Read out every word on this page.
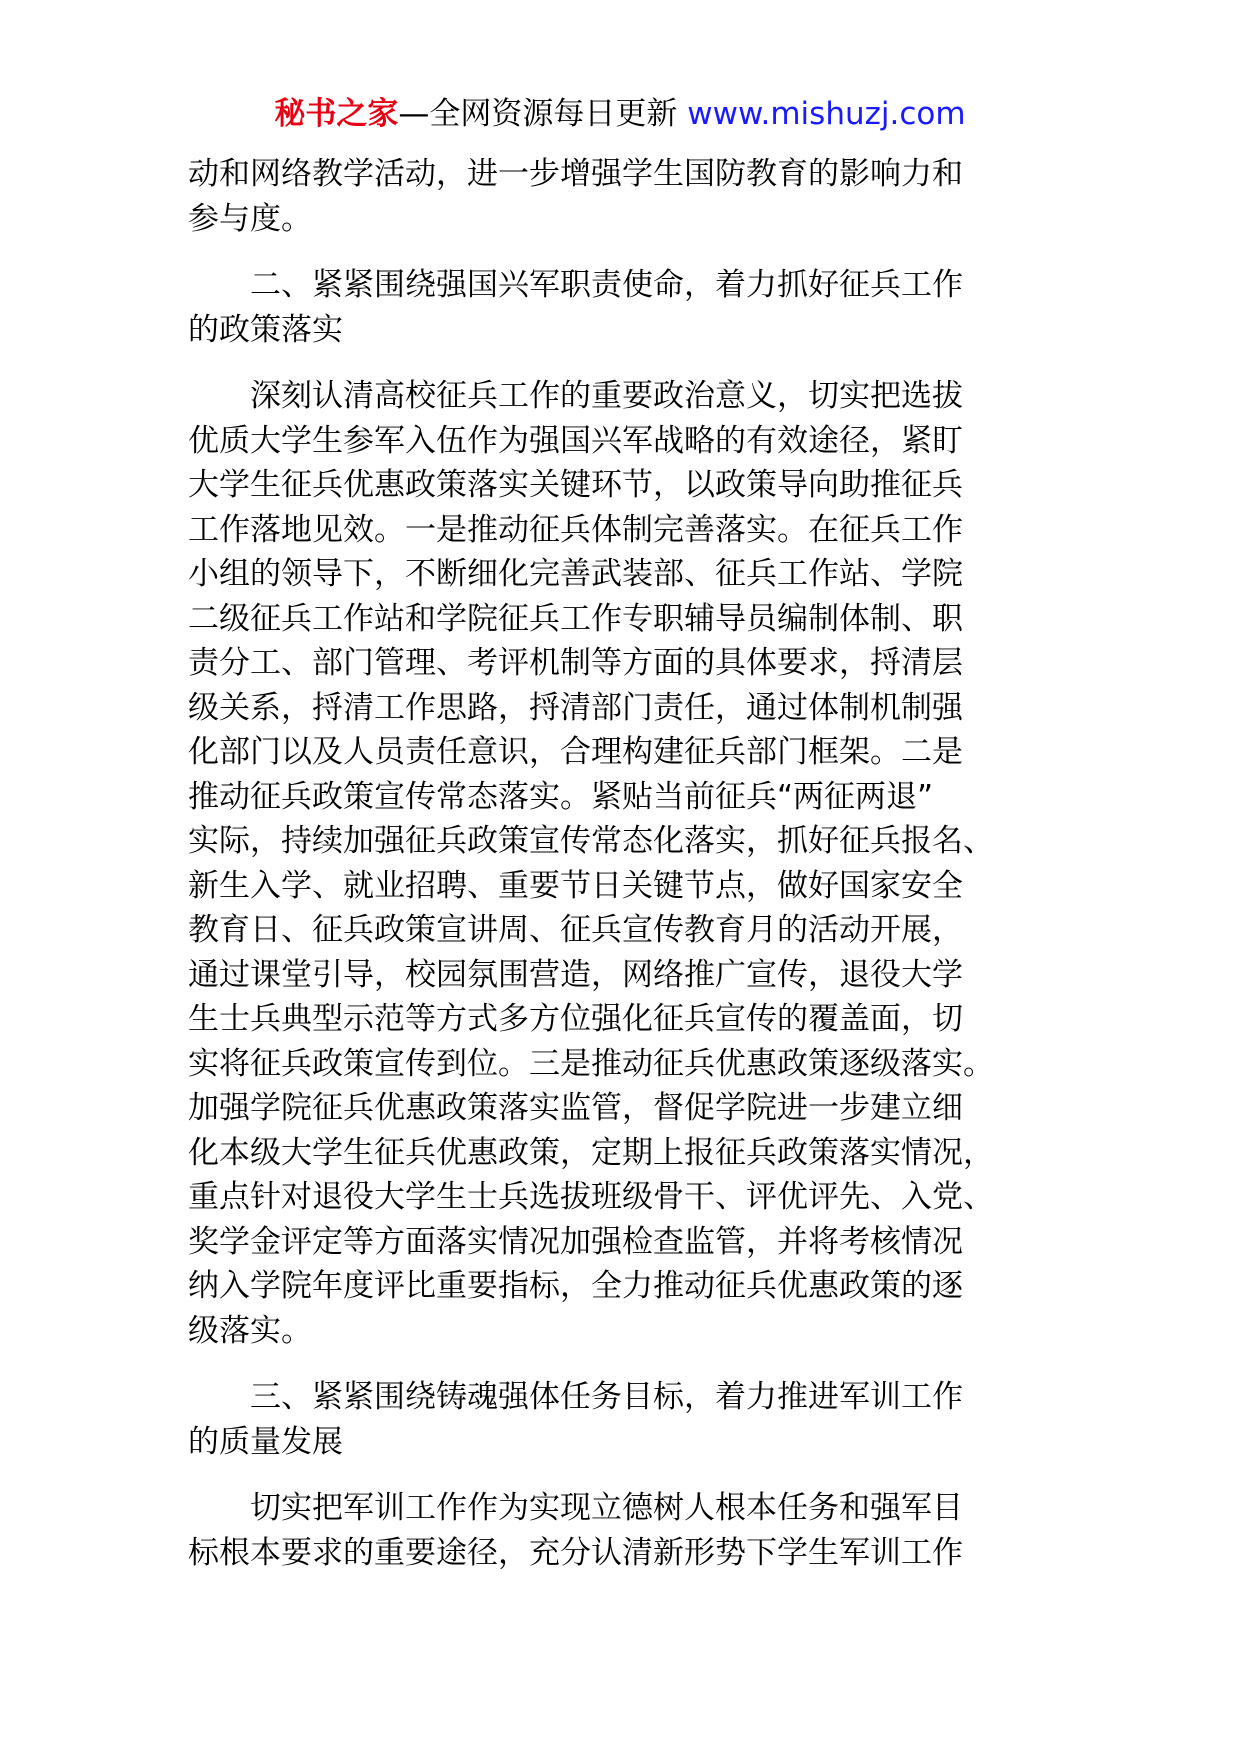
秘书之家—全网资源每日更新 www.mishuzj.com

动和网络教学活动，进一步增强学生国防教育的影响力和
参与度。

二、紧紧围绕强国兴军职责使命，着力抓好征兵工作
的政策落实

深刻认清高校征兵工作的重要政治意义，切实把选拔
优质大学生参军入伍作为强国兴军战略的有效途径，紧盯
大学生征兵优惠政策落实关键环节，以政策导向助推征兵
工作落地见效。一是推动征兵体制完善落实。在征兵工作
小组的领导下，不断细化完善武装部、征兵工作站、学院
二级征兵工作站和学院征兵工作专职辅导员编制体制、职
责分工、部门管理、考评机制等方面的具体要求，捋清层
级关系，捋清工作思路，捋清部门责任，通过体制机制强
化部门以及人员责任意识，合理构建征兵部门框架。二是
推动征兵政策宣传常态落实。紧贴当前征兵“两征两退”
实际，持续加强征兵政策宣传常态化落实，抓好征兵报名、
新生入学、就业招聘、重要节日关键节点，做好国家安全
教育日、征兵政策宣讲周、征兵宣传教育月的活动开展，
通过课堂引导，校园氛围营造，网络推广宣传，退役大学
生士兵典型示范等方式多方位强化征兵宣传的覆盖面，切
实将征兵政策宣传到位。三是推动征兵优惠政策逐级落实。
加强学院征兵优惠政策落实监管，督促学院进一步建立细
化本级大学生征兵优惠政策，定期上报征兵政策落实情况，
重点针对退役大学生士兵选拔班级骨干、评优评先、入党、
奖学金评定等方面落实情况加强检查监管，并将考核情况
纳入学院年度评比重要指标，全力推动征兵优惠政策的逐
级落实。

三、紧紧围绕铸魂强体任务目标，着力推进军训工作
的质量发展

切实把军训工作作为实现立德树人根本任务和强军目
标根本要求的重要途径，充分认清新形势下学生军训工作
